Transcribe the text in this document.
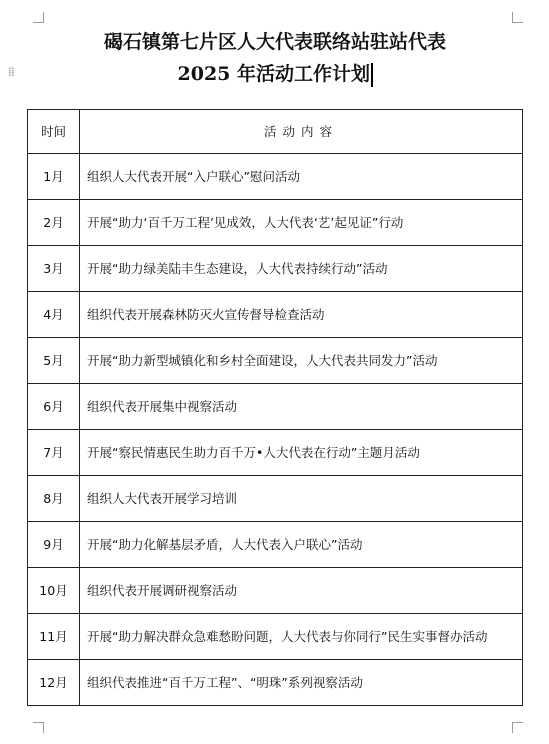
⁞⁞
碣石镇第七片区人大代表联络站驻站代表
2025 年活动工作计划
时间	活动内容
1月	组织人大代表开展“入户联心”慰问活动
2月	开展“助力‘百千万工程’见成效，人大代表‘艺’起见证”行动
3月	开展“助力绿美陆丰生态建设，人大代表持续行动”活动
4月	组织代表开展森林防灭火宣传督导检查活动
5月	开展“助力新型城镇化和乡村全面建设，人大代表共同发力”活动
6月	组织代表开展集中视察活动
7月	开展“察民情惠民生助力百千万•人大代表在行动”主题月活动
8月	组织人大代表开展学习培训
9月	开展“助力化解基层矛盾，人大代表入户联心”活动
10月	组织代表开展调研视察活动
11月	开展“助力解决群众急难愁盼问题，人大代表与你同行”民生实事督办活动
12月	组织代表推进“百千万工程”、“明珠”系列视察活动
